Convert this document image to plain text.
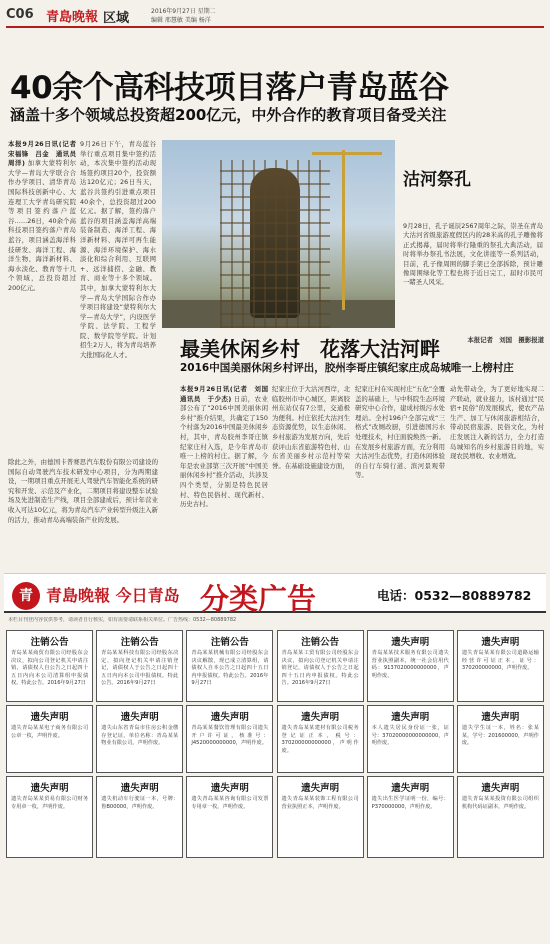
C06 青島晚報 区域	2016年9月27日 星期二
编辑 邢慧敏 美编 杨洋
40余个高科技项目落户青岛蓝谷
涵盖十多个领域总投资超200亿元，中外合作的教育项目备受关注
本报9月26日讯(记者　宋福锋　吕金　通讯员　周洋) 加拿大蒙特利尔大学—青岛大学联合合作办学项目、清华青岛国际科技创新中心、大连理工大学青岛研究院等项目签约落户蓝谷……26日，40余个高科技项目签约落户青岛蓝谷，项目涵盖海洋科技研发、海洋工程、海洋生物、海洋新材料、海水淡化、教育等十几个领域，总投资超过200亿元。
9月26日下午，青岛蓝谷举行重点项目集中签约活动，本次集中签约活动现场签约项目20个，投资额达120亿元；26日当天，蓝谷共签约引进重点项目40余个，总投资超过200亿元。据了解，签约落户蓝谷的项目涵盖海洋高端装备制造、海洋工程、海洋新材料、海洋可再生能源、海洋环境保护、海水淡化和综合利用、互联网+、远洋捕捞、金融、教育、商业等十多个领域。其中，加拿大蒙特利尔大学—青岛大学国际合作办学项目将建设“蒙特利尔大学—青岛大学”，内设医学学院、法学院、工程学院、数学院等学院。计划招生2万人，将为青岛培养大批国际化人才。
除此之外，由德国卡普赛思汽车股份有限公司建设的国际自动驾驶汽车技术研发中心项目，分为两期建设，一期项目重点开展无人驾驶汽车智能化系统的研究和开发、示范及产业化，二期项目将建设整车试验场及先进制造生产线，项目全部建成后，预计年营业收入可达10亿元，将为青岛汽车产业转型升级注入新的活力，推动青岛高端装备产业的发展。
沽河祭孔
9月28日，孔子诞辰2567周年之际，崇圣在青岛大沽河省级旅游度假区内的28米高的孔子雕像将正式揭幕，届时将举行隆重的祭孔大典活动，届时将举办祭孔书法展，文化讲座等一系列活动，目前，孔子像周围的脚手架已全部拆除，预计雕像周围绿化等工程也将于近日完工，届时市民可一睹圣人风采。
本报记者　刘国　摄影报道
最美休闲乡村　花落大沽河畔
2016中国美丽休闲乡村评出，胶州李哥庄镇纪家庄成岛城唯一上榜村庄
本报9月26日讯(记者　刘国　通讯员　于少杰) 日前，农业部公布了“2016中国美丽休闲乡村”推介结果，共确定了150个村落为2016中国最美休闲乡村，其中，青岛胶州李哥庄镇纪家庄村入选，是今年青岛市唯一上榜的村庄。据了解，今年是农业部第三次开展“中国美丽休闲乡村”推介活动，共涉及四个类型，分别是特色民居村、特色民俗村、现代新村、历史古村。
纪家庄位于大沽河西岸，北临胶州市中心城区，距离胶州东站仅有7公里，交通极为便利。村庄依托大沽河生态资源优势，以生态休闲、乡村旅游为发展方向，先后获评山东省旅游特色村、山东省美丽乡村示范村等荣誉。在基础设施建设方面，
纪家庄村在实现村庄“五化”全覆盖的基础上，与中科院生态环境研究中心合作，建成村级污水处理站。全村196户全部完成“三格式”改厕改厨，引进德国污水处理技术，村庄面貌焕然一新。在发展乡村旅游方面，充分利用大沽河生态优势，打造休闲体验的自行车骑行道、滨河景观带等。
动先带动全，为了更好地实现二产联动，就业接力，该村通过“民宿+民俗”的发展模式，使农产品生产、加工与休闲旅游相结合，带动民宿旅游、民俗文化，为村庄发展注入新的活力，全力打造岛城知名的乡村旅游目的地，实现农民增收、农业增效。
青 青島晚報 今日青岛 分类广告	电话：0532—80889782
本栏目刊登内容仅供参考，请读者自行核实，如有需要请联系相关单位。广告热线：0532—80889782
注销公告
青岛某某商贸有限公司经股东会决议，拟向公司登记机关申请注销，请债权人自公告之日起四十五日内向本公司清算组申报债权。特此公告。2016年9月27日
注销公告
青岛某某科技有限公司经股东决定，拟向登记机关申请注销登记，请债权人于公告之日起四十五日内向本公司申报债权。特此公告。2016年9月27日
注销公告
青岛某某机械有限公司经股东会决议解散，现已成立清算组，请债权人自本公告之日起四十五日内申报债权。特此公告。2016年9月27日
注销公告
青岛某某工贸有限公司经股东会决议，拟向公司登记机关申请注销登记，请债权人于公告之日起四十五日内申报债权。特此公告。2016年9月27日
遗失声明
青岛某某技术服务有限公司遗失营业执照副本，统一社会信用代码：9137020000000000，声明作废。
遗失声明
遗失青岛某某有限公司道路运输经营许可证正本，证号：370200000000，声明作废。
遗失声明
遗失青岛某某电子商务有限公司公章一枚，声明作废。
遗失声明
遗失山东省青岛市住房公积金缴存登记证，单位名称：青岛某某物业有限公司，声明作废。
遗失声明
青岛某某餐饮管理有限公司遗失开户许可证，核准号：J4520000000000，声明作废。
遗失声明
遗失青岛某某建材有限公司税务登记证正本，税号：370200000000000，声明作废。
遗失声明
本人遗失居民身份证一张，证号：37020000000000000，声明作废。
遗失声明
遗失学生证一本，姓名：张某某，学号：201600000，声明作废。
遗失声明
遗失青岛某某贸易有限公司财务专用章一枚，声明作废。
遗失声明
遗失机动车行驶证一本，号牌：鲁B00000，声明作废。
遗失声明
遗失青岛某某咨询有限公司发票专用章一枚，声明作废。
遗失声明
遗失青岛某某装饰工程有限公司营业执照正本，声明作废。
遗失声明
遗失出生医学证明一份，编号：P370000000，声明作废。
遗失声明
遗失青岛某某投资有限公司组织机构代码证副本，声明作废。
